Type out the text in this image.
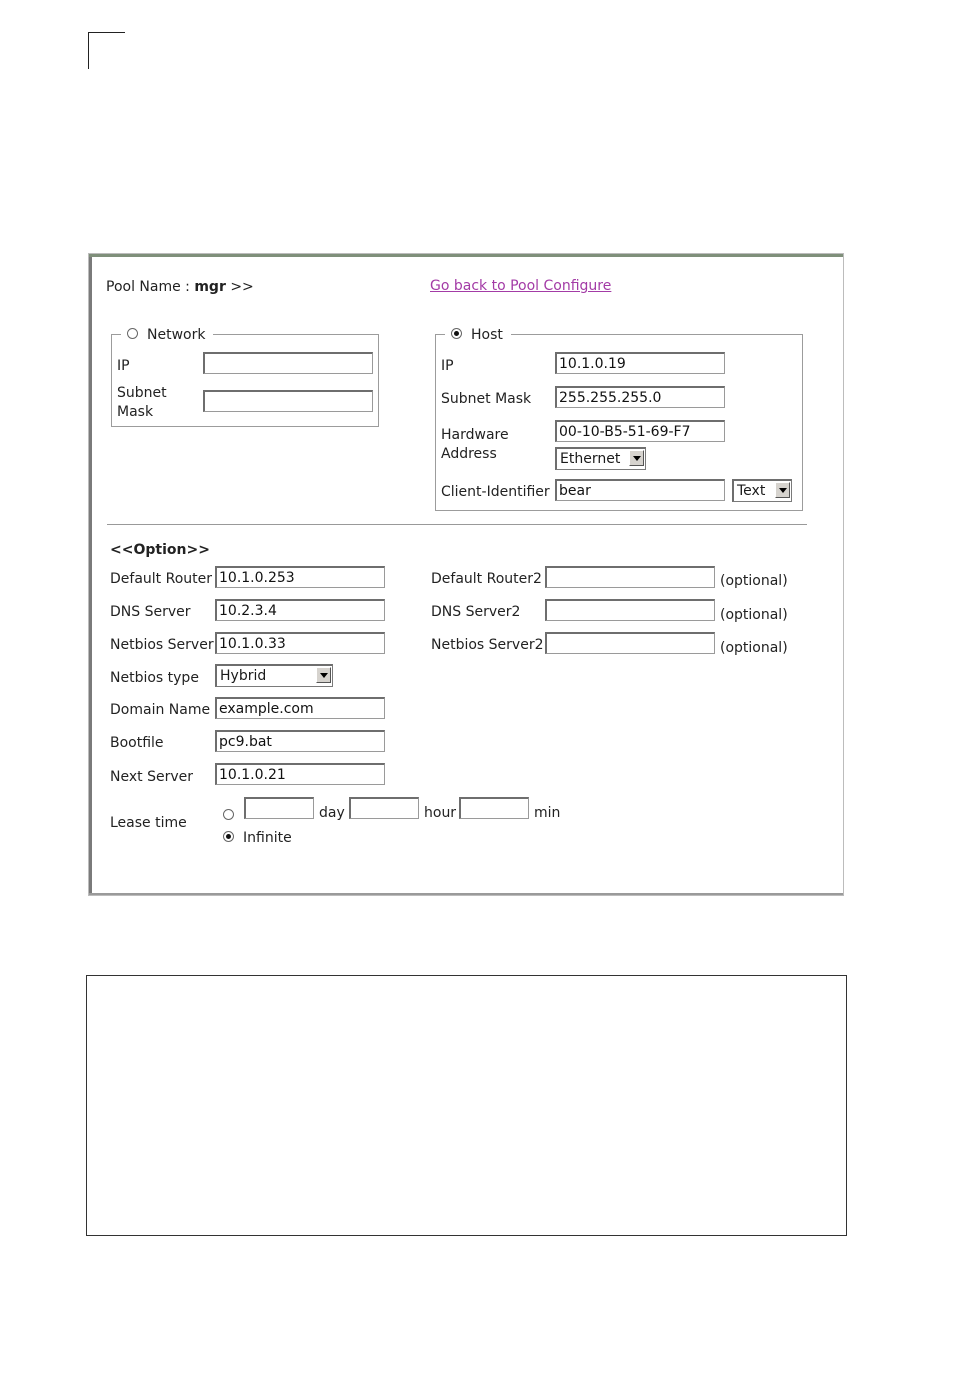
Pool Name : mgr >>	Go back to Pool Configure
Network
IP
Subnet
Mask
Host
IP	10.1.0.19
Subnet Mask 255.255.255.0
Hardware
Address
00-10-B5-51-69-F7
Ethernet
Client-Identifier bear	Text
<<Option>>
Default Router 10.1.0.253	Default Router2	(optional)
DNS Server 10.2.3.4	DNS Server2	(optional)
Netbios Server 10.1.0.33	Netbios Server2	(optional)
Netbios type Hybrid
Domain Name example.com
Bootfile	pc9.bat
Next Server 10.1.0.21
Lease time
day	hour	min
Infinite
